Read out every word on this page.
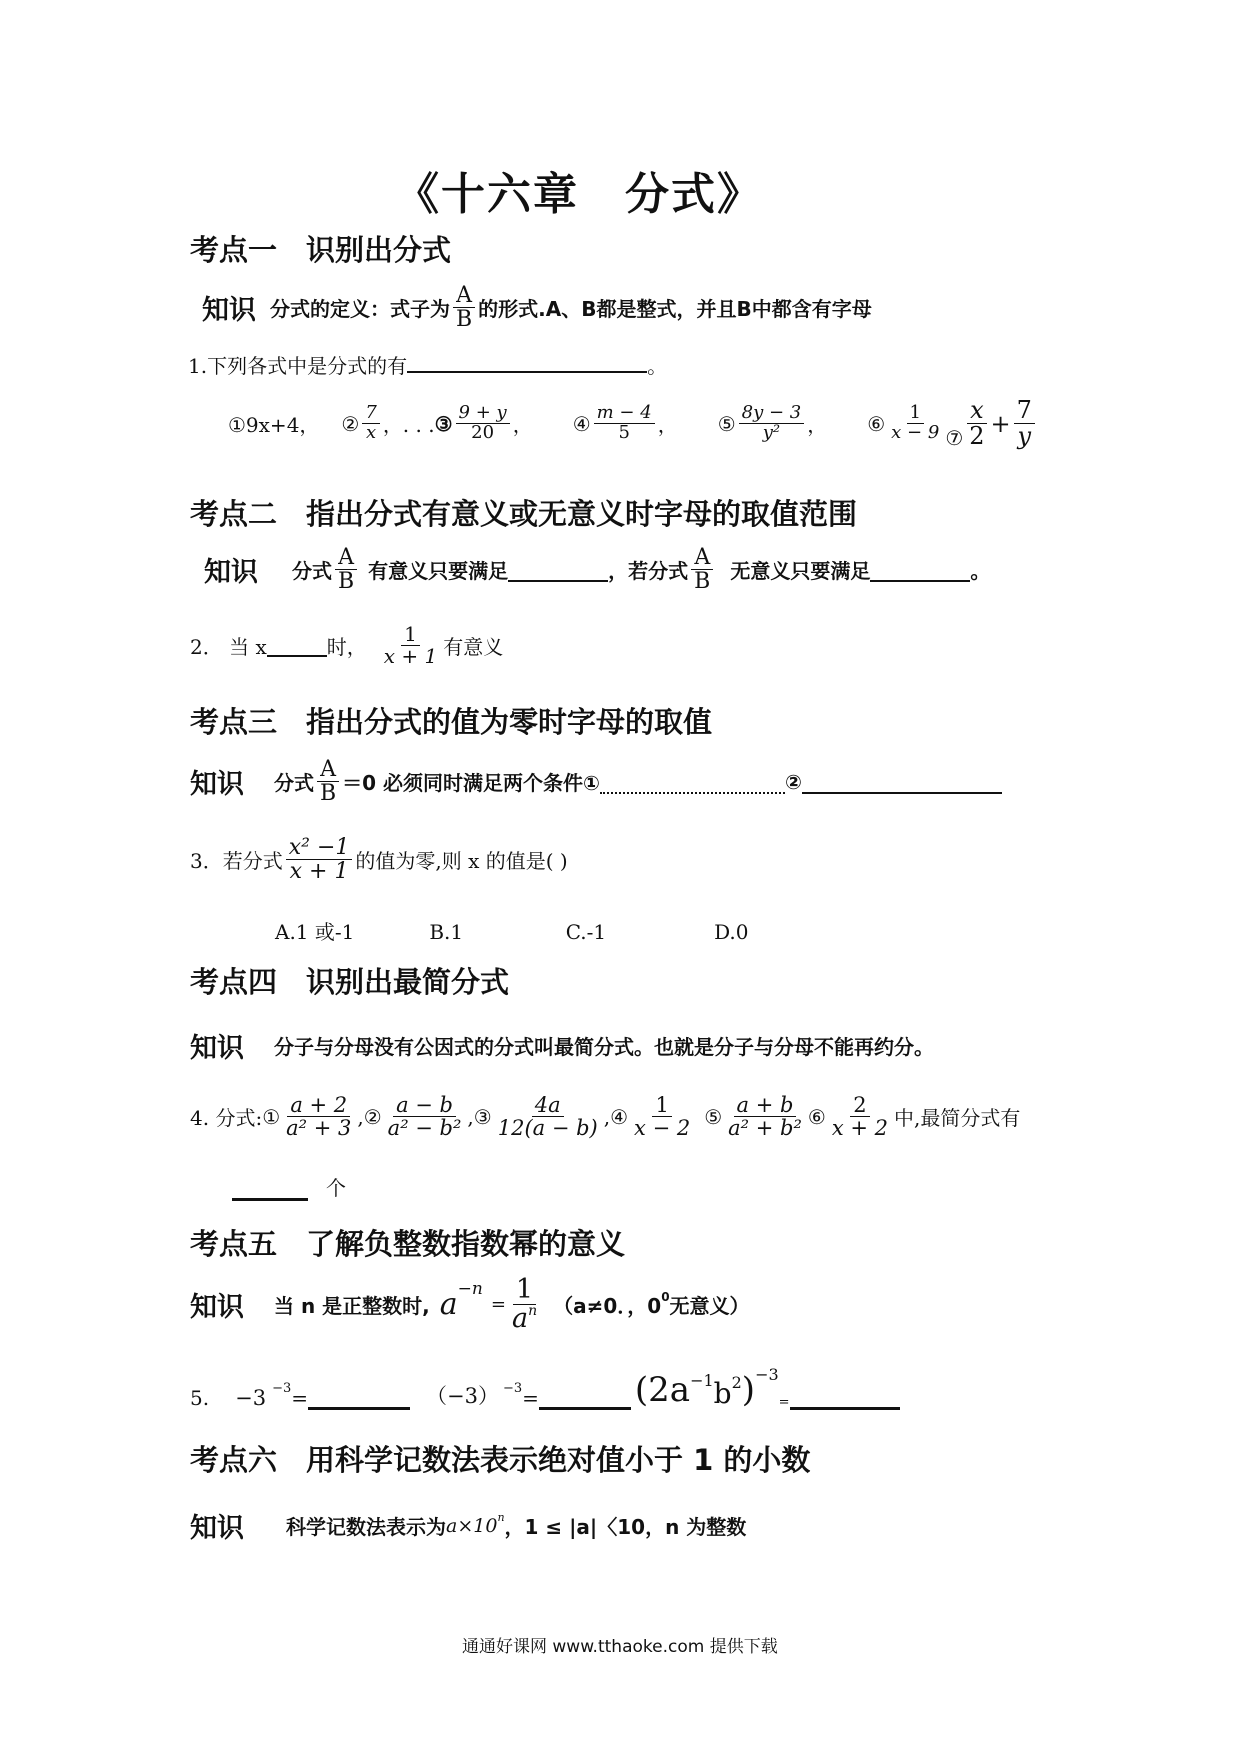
《十六章　分式》
考点一　识别出分式
知识 分式的定义：式子为 $\frac{A}{B}$ 的形式.A、B都是整式，并且B中都含有字母
1.下列各式中是分式的有	。
①9x+4， ② $\frac{7}{x}$ ，. . . ③ $\frac{9 + y}{20}$ ， ④ $\frac{m - 4}{5}$ ， ⑤ $\frac{8y - 3}{\text{y²}}$ ， ⑥ $\frac{1}{x - 9}$ ⑦ $\frac{x}{2} + \frac{7}{y}$
考点二　指出分式有意义或无意义时字母的取值范围
知识 分式 $\frac{A}{B}$ 有意义只要满足	，若分式 $\frac{A}{B}$ 无意义只要满足	。
2． 当 x	时， $\frac{1}{x + 1}$ 有意义
考点三　指出分式的值为零时字母的取值
知识 分式 $\frac{A}{B} =0$ 必须同时满足两个条件①	②
3．若分式 $\frac{\text{x² −1}}{x + 1}$ 的值为零,则 x 的值是( )
A.1 或-1	B.1	C.-1	D.0
考点四　识别出最简分式
知识 分子与分母没有公因式的分式叫最简分式。也就是分子与分母不能再约分。
4. 分式: ① $\frac{a + 2}{\text{a² + 3}}$ , ② $\frac{a - b}{\text{a² − b²}}$ , ③ $\frac{4a}{12(a - b)}$ , ④ $\frac{1}{x - 2}$ ⑤ $\frac{a + b}{\text{a² + b²}}$ ⑥ $\frac{2}{x + 2}$ 中,最简分式有
个
考点五　了解负整数指数幂的意义
知识 当 n 是正整数时, a −n
= $\frac{1}{a^n} (a\ne 0$．，0 0 无意义）
5. −3 −3 =	（−3） −3 =	(2a −1 b 2 ) −3
=
考点六　用科学记数法表示绝对值小于 1 的小数
知识 科学记数法表示为 a×10 n ，1 ≤ |a|〈10，n 为整数
通通好课网 www.tthaoke.com 提供下载
